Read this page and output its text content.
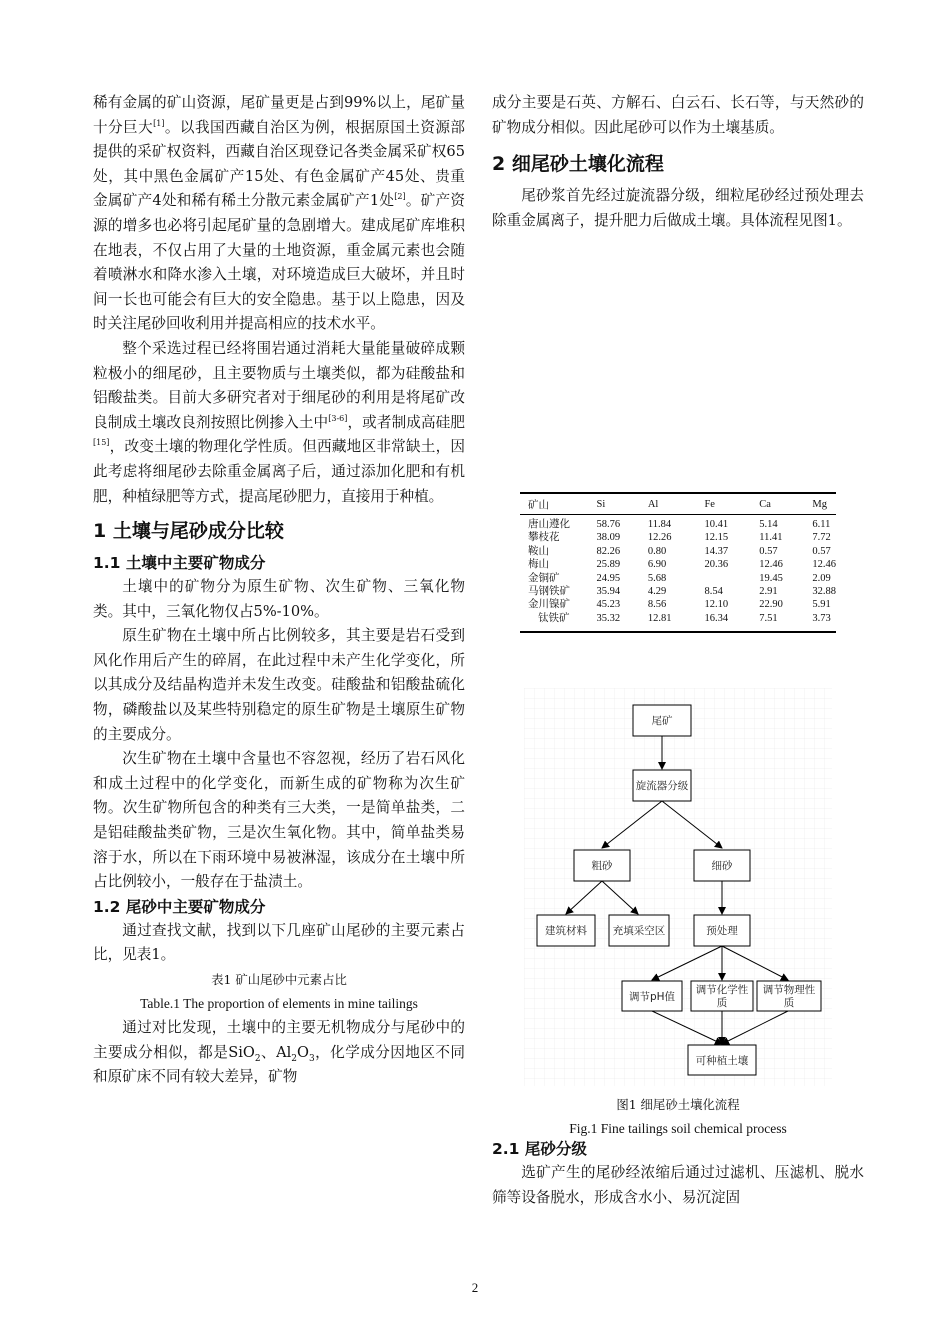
稀有金属的矿山资源，尾矿量更是占到99%以上，尾矿量十分巨大[1]。以我国西藏自治区为例，根据原国土资源部提供的采矿权资料，西藏自治区现登记各类金属采矿权65处，其中黑色金属矿产15处、有色金属矿产45处、贵重金属矿产4处和稀有稀土分散元素金属矿产1处[2]。矿产资源的增多也必将引起尾矿量的急剧增大。建成尾矿库堆积在地表，不仅占用了大量的土地资源，重金属元素也会随着喷淋水和降水渗入土壤，对环境造成巨大破坏，并且时间一长也可能会有巨大的安全隐患。基于以上隐患，因及时关注尾砂回收利用并提高相应的技术水平。

整个采选过程已经将围岩通过消耗大量能量破碎成颗粒极小的细尾砂，且主要物质与土壤类似，都为硅酸盐和铝酸盐类。目前大多研究者对于细尾砂的利用是将尾矿改良制成土壤改良剂按照比例掺入土中[3-6]，或者制成高硅肥[15]，改变土壤的物理化学性质。但西藏地区非常缺土，因此考虑将细尾砂去除重金属离子后，通过添加化肥和有机肥，种植绿肥等方式，提高尾砂肥力，直接用于种植。

1 土壤与尾砂成分比较
1.1 土壤中主要矿物成分

土壤中的矿物分为原生矿物、次生矿物、三氧化物类。其中，三氧化物仅占5%-10%。

原生矿物在土壤中所占比例较多，其主要是岩石受到风化作用后产生的碎屑，在此过程中未产生化学变化，所以其成分及结晶构造并未发生改变。硅酸盐和铝酸盐硫化物，磷酸盐以及某些特别稳定的原生矿物是土壤原生矿物的主要成分。

次生矿物在土壤中含量也不容忽视，经历了岩石风化和成土过程中的化学变化，而新生成的矿物称为次生矿物。次生矿物所包含的种类有三大类，一是简单盐类，二是铝硅酸盐类矿物，三是次生氧化物。其中，简单盐类易溶于水，所以在下雨环境中易被淋湿，该成分在土壤中所占比例较小，一般存在于盐渍土。

1.2 尾砂中主要矿物成分

通过查找文献，找到以下几座矿山尾砂的主要元素占比，见表1。

表1 矿山尾砂中元素占比

Table.1 The proportion of elements in mine tailings

通过对比发现，土壤中的主要无机物成分与尾砂中的主要成分相似，都是SiO$_2$、$Al_2O_3$，化学成分因地区不同和原矿床不同有较大差异，矿物

成分主要是石英、方解石、白云石、长石等，与天然砂的矿物成分相似。因此尾砂可以作为土壤基质。

2 细尾砂土壤化流程

尾砂浆首先经过旋流器分级，细粒尾砂经过预处理去除重金属离子，提升肥力后做成土壤。具体流程见图1。

矿山	Si	Al	Fe	Ca	Mg
唐山遵化	58.76	11.84	10.41	5.14	6.11
攀枝花	38.09	12.26	12.15	11.41	7.72
鞍山	82.26	0.80	14.37	0.57	0.57
梅山	25.89	6.90	20.36	12.46	12.46
金铜矿	24.95	5.68		19.45	2.09
马钢铁矿	35.94	4.29	8.54	2.91	32.88
金川镍矿	45.23	8.56	12.10	22.90	5.91
钛铁矿	35.32	12.81	16.34	7.51	3.73
尾矿
旋流器分级
粗砂	细砂
建筑材料 充填采空区	预处理
调节pH值
调节化学性
质
调节物理性
质
可种植土壤

图1 细尾砂土壤化流程

Fig.1 Fine tailings soil chemical process

2.1 尾砂分级

选矿产生的尾砂经浓缩后通过过滤机、压滤机、脱水筛等设备脱水，形成含水小、易沉淀固

2
